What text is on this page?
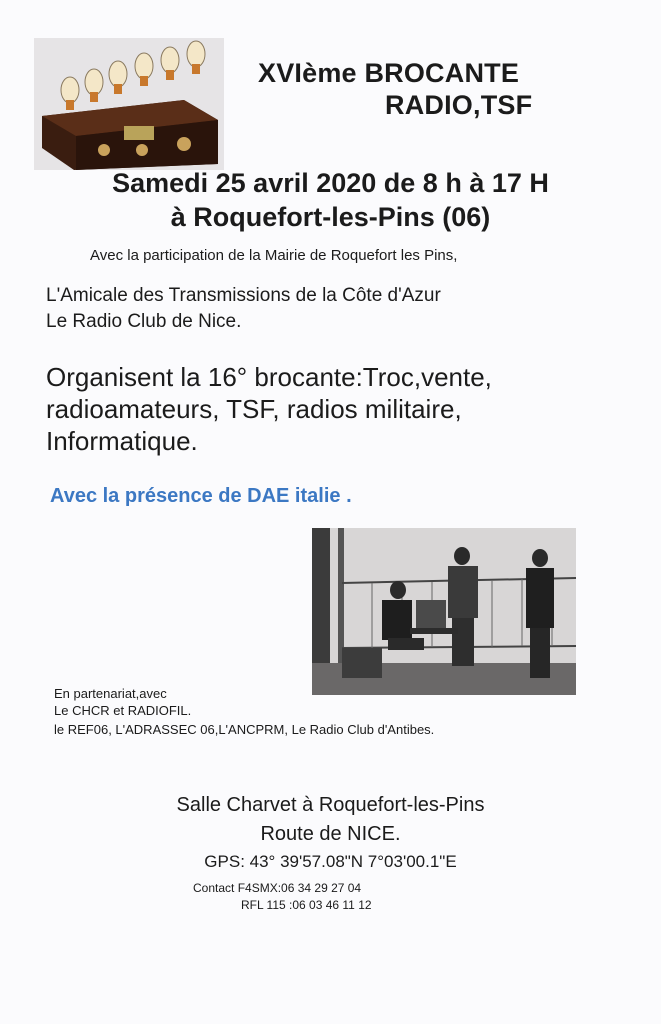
XVIème BROCANTE
RADIO,TSF
Samedi 25 avril 2020 de 8 h à 17 H
à Roquefort-les-Pins (06)
Avec la participation de la Mairie de Roquefort les Pins,
L'Amicale des Transmissions de la Côte d'Azur
Le Radio Club de Nice.
Organisent la 16° brocante:Troc,vente,
radioamateurs, TSF, radios militaire,
Informatique.
Avec la présence de DAE italie .
En partenariat,avec
Le CHCR et RADIOFIL.
le REF06, L'ADRASSEC 06,L'ANCPRM, Le Radio Club d'Antibes.
Salle Charvet à Roquefort-les-Pins
Route de NICE.
GPS: 43° 39'57.08"N 7°03'00.1"E
Contact F4SMX:06 34 29 27 04
RFL 115 :06 03 46 11 12
